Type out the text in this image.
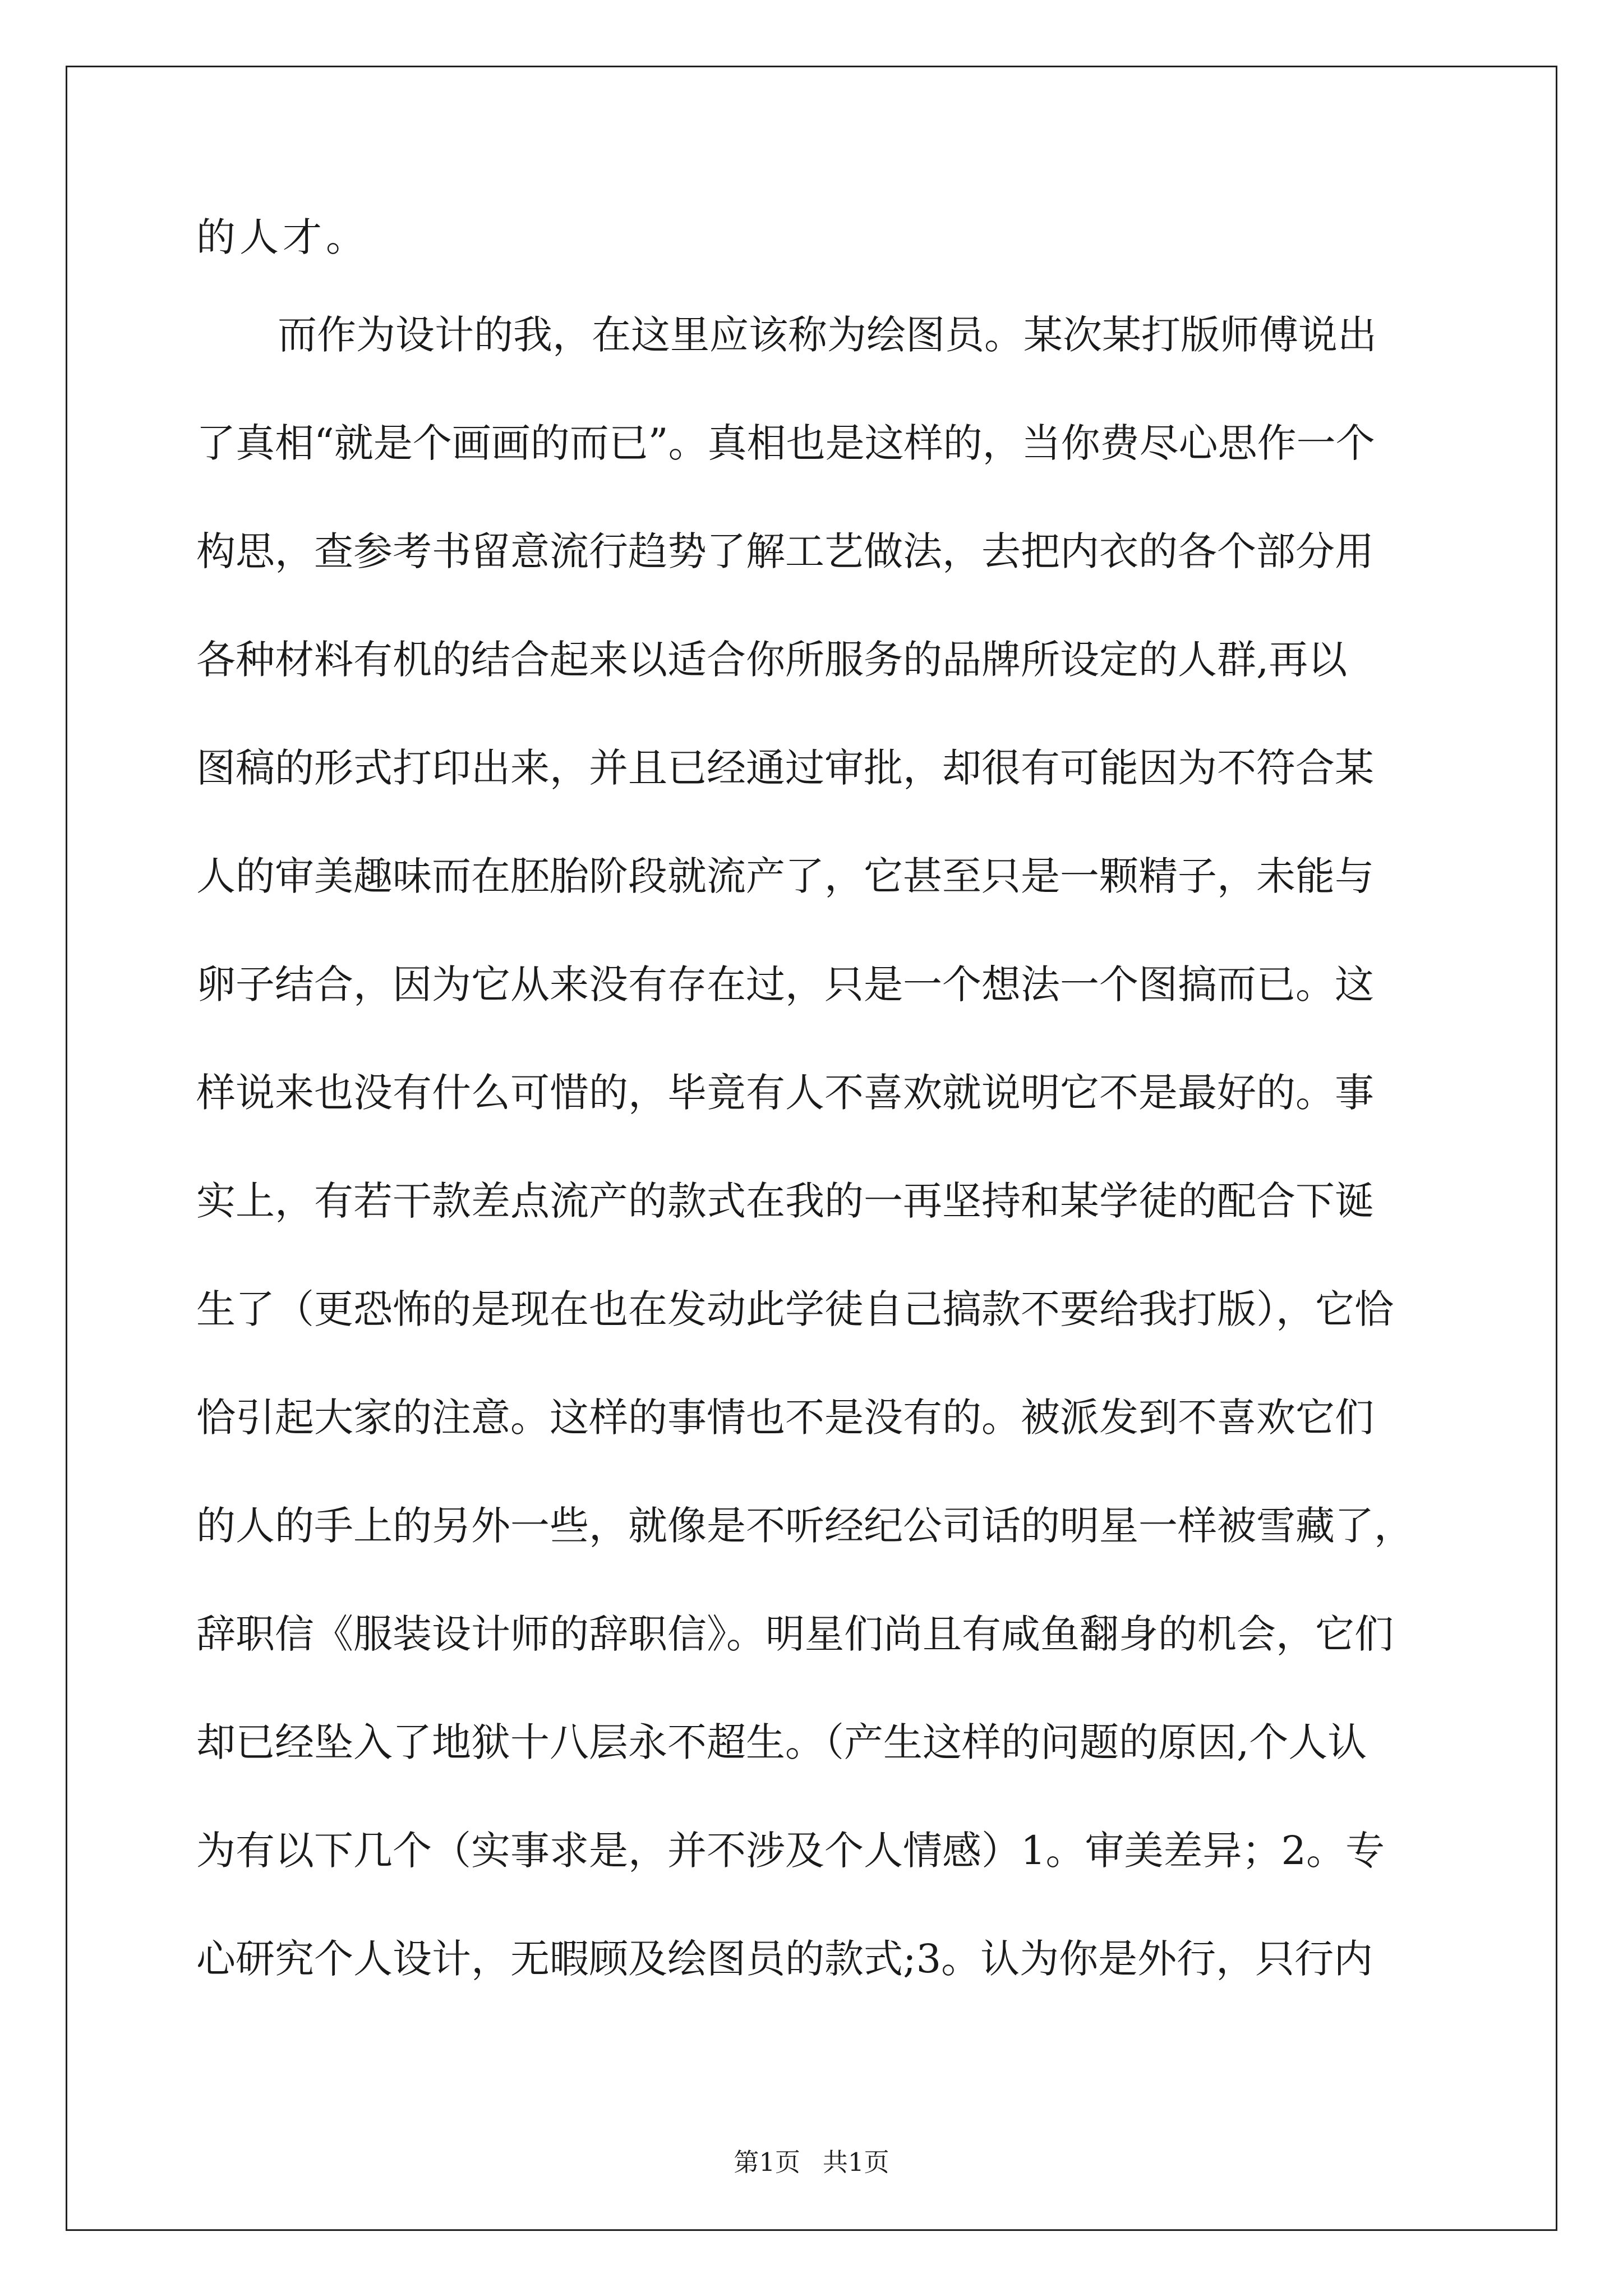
的人才。
而作为设计的我，在这里应该称为绘图员。某次某打版师傅说出
了真相“就是个画画的而已”。真相也是这样的，当你费尽心思作一个
构思，查参考书留意流行趋势了解工艺做法，去把内衣的各个部分用
各种材料有机的结合起来以适合你所服务的品牌所设定的人群,再以
图稿的形式打印出来，并且已经通过审批，却很有可能因为不符合某
人的审美趣味而在胚胎阶段就流产了，它甚至只是一颗精子，未能与
卵子结合，因为它从来没有存在过，只是一个想法一个图搞而已。这
样说来也没有什么可惜的，毕竟有人不喜欢就说明它不是最好的。事
实上，有若干款差点流产的款式在我的一再坚持和某学徒的配合下诞
生了（更恐怖的是现在也在发动此学徒自己搞款不要给我打版），它恰
恰引起大家的注意。这样的事情也不是没有的。被派发到不喜欢它们
的人的手上的另外一些，就像是不听经纪公司话的明星一样被雪藏了，
辞职信《服装设计师的辞职信》。明星们尚且有咸鱼翻身的机会，它们
却已经坠入了地狱十八层永不超生。（产生这样的问题的原因,个人认
为有以下几个（实事求是，并不涉及个人情感）1。审美差异；2。专
心研究个人设计，无暇顾及绘图员的款式;3。认为你是外行，只行内
第1页 共1页
